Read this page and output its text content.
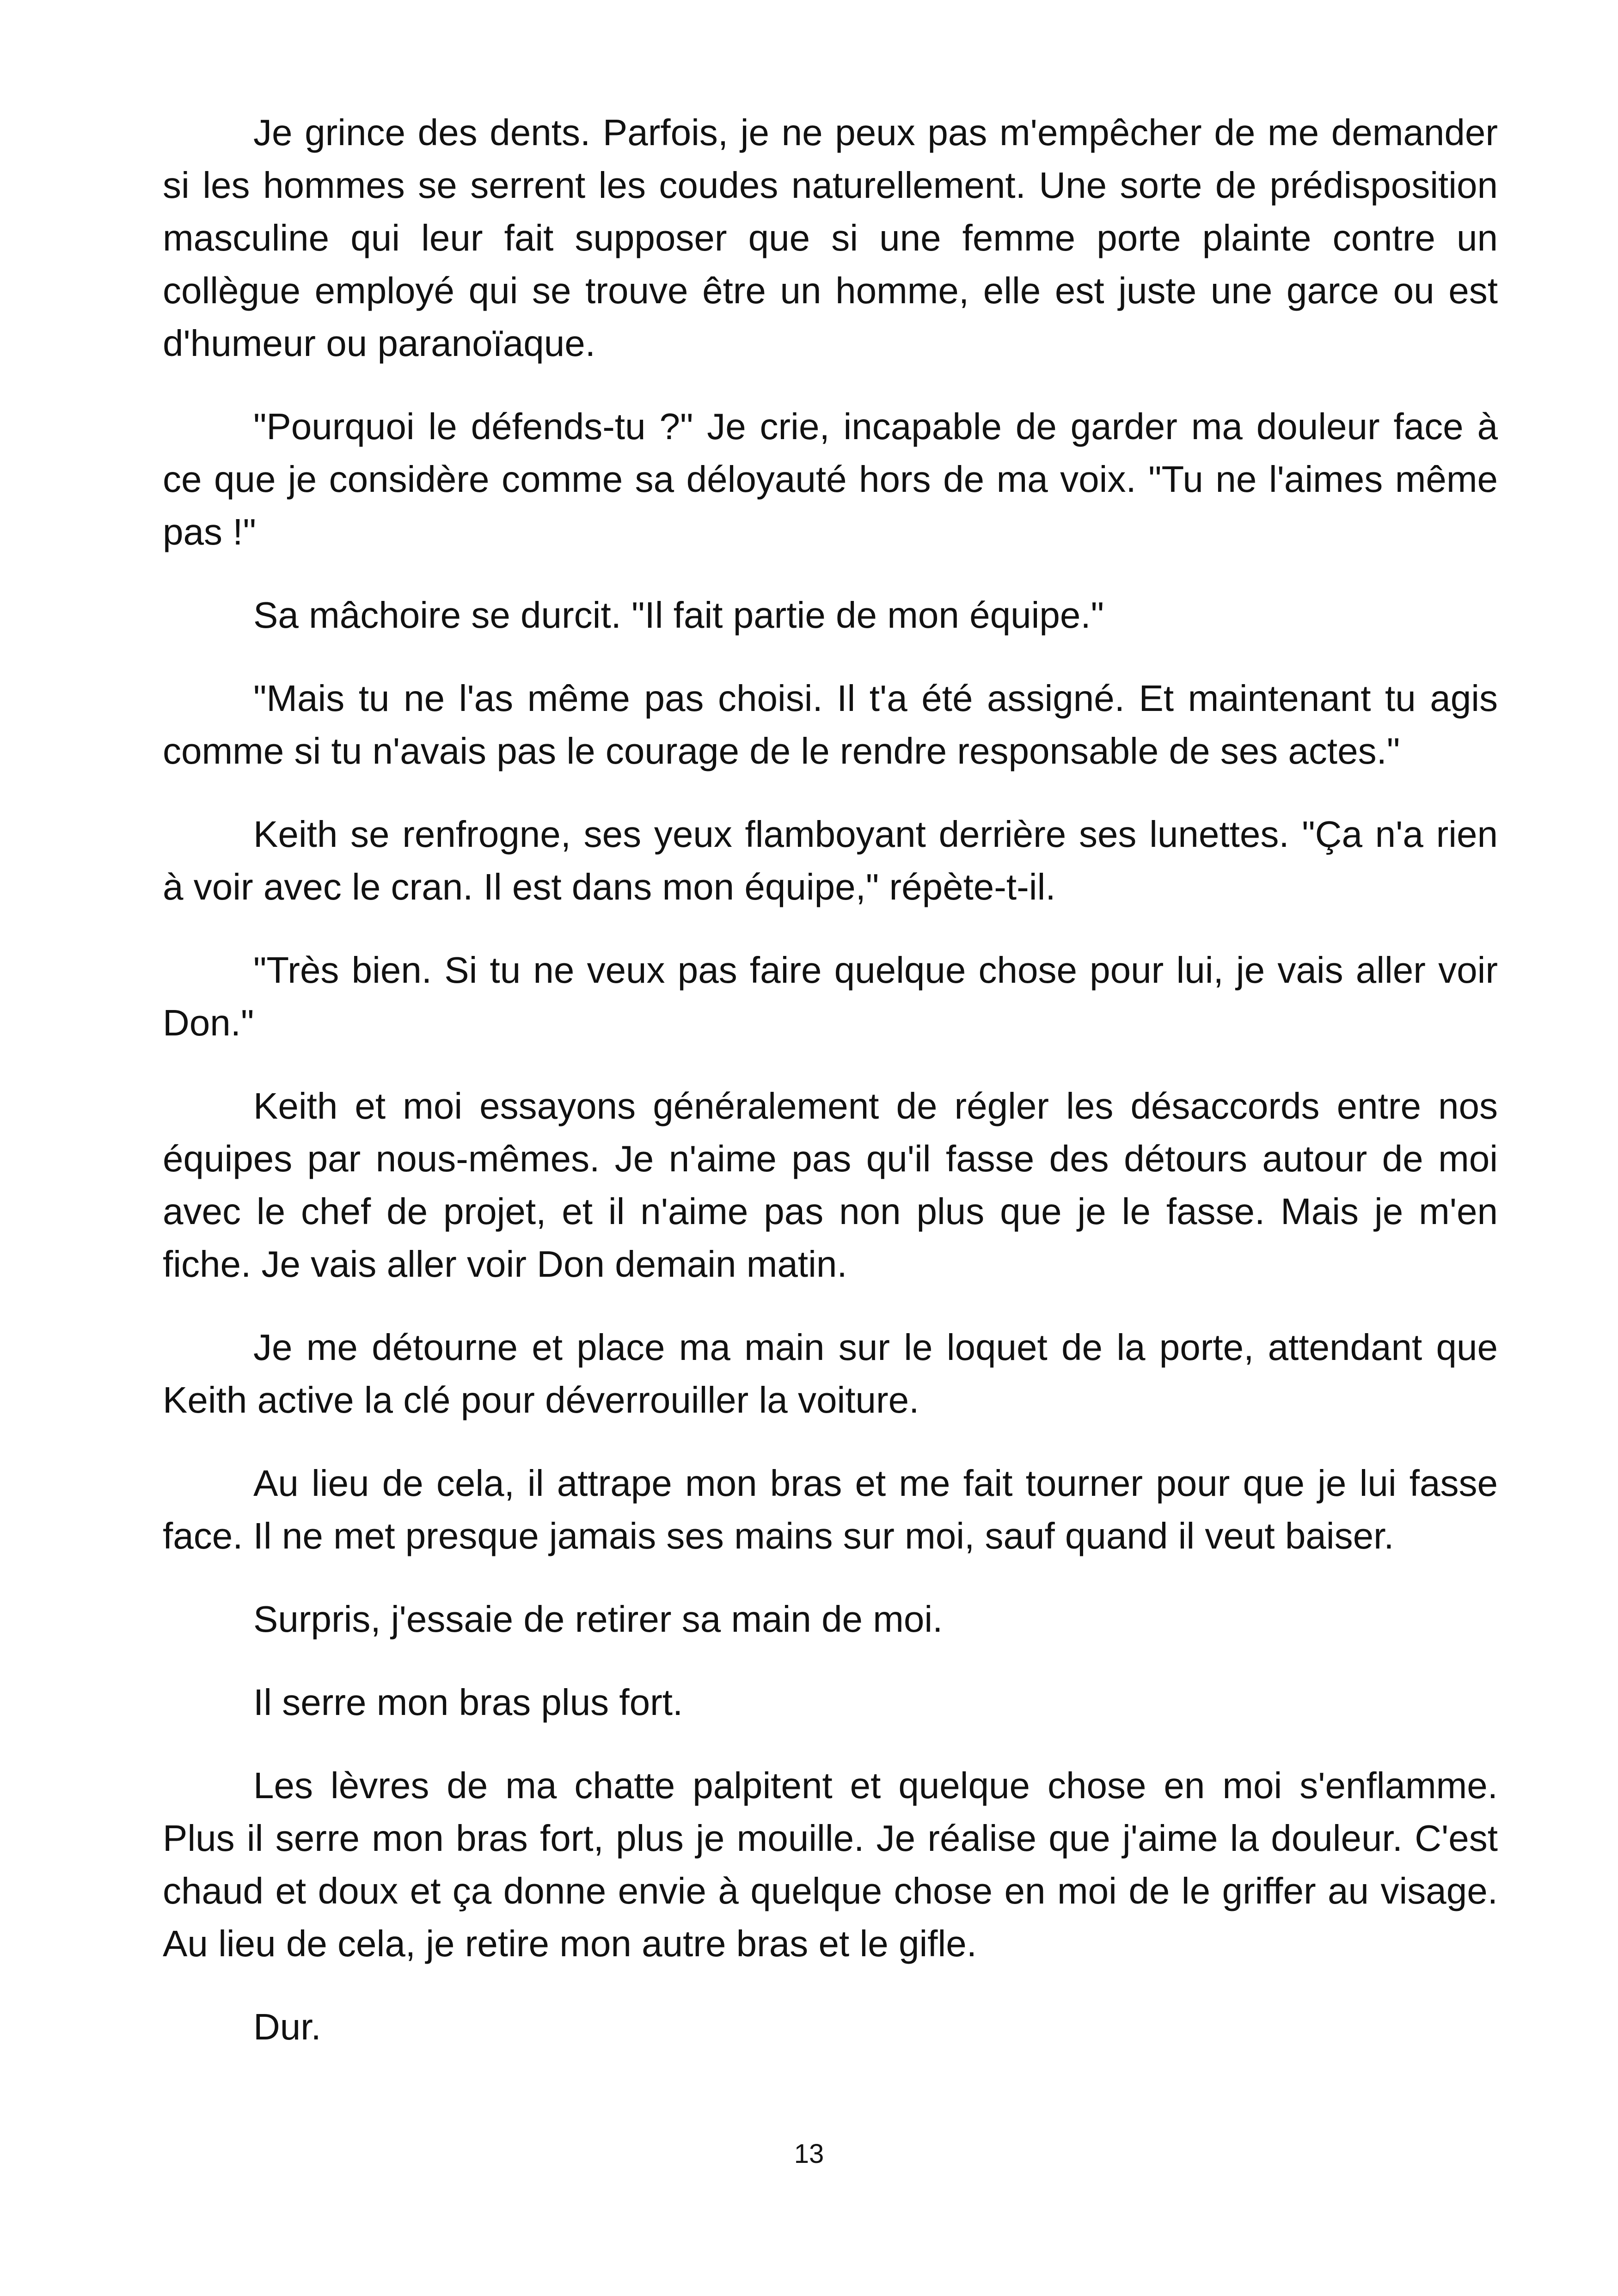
Je grince des dents. Parfois, je ne peux pas m'empêcher de me demander si les hommes se serrent les coudes naturellement. Une sorte de prédisposition masculine qui leur fait supposer que si une femme porte plainte contre un collègue employé qui se trouve être un homme, elle est juste une garce ou est d'humeur ou paranoïaque.

"Pourquoi le défends-tu ?" Je crie, incapable de garder ma douleur face à ce que je considère comme sa déloyauté hors de ma voix. "Tu ne l'aimes même pas !"

Sa mâchoire se durcit. "Il fait partie de mon équipe."

"Mais tu ne l'as même pas choisi. Il t'a été assigné. Et maintenant tu agis comme si tu n'avais pas le courage de le rendre responsable de ses actes."

Keith se renfrogne, ses yeux flamboyant derrière ses lunettes. "Ça n'a rien à voir avec le cran. Il est dans mon équipe," répète-t-il.

"Très bien. Si tu ne veux pas faire quelque chose pour lui, je vais aller voir Don."

Keith et moi essayons généralement de régler les désaccords entre nos équipes par nous-mêmes. Je n'aime pas qu'il fasse des détours autour de moi avec le chef de projet, et il n'aime pas non plus que je le fasse. Mais je m'en fiche. Je vais aller voir Don demain matin.

Je me détourne et place ma main sur le loquet de la porte, attendant que Keith active la clé pour déverrouiller la voiture.

Au lieu de cela, il attrape mon bras et me fait tourner pour que je lui fasse face. Il ne met presque jamais ses mains sur moi, sauf quand il veut baiser.

Surpris, j'essaie de retirer sa main de moi.

Il serre mon bras plus fort.

Les lèvres de ma chatte palpitent et quelque chose en moi s'enflamme. Plus il serre mon bras fort, plus je mouille. Je réalise que j'aime la douleur. C'est chaud et doux et ça donne envie à quelque chose en moi de le griffer au visage. Au lieu de cela, je retire mon autre bras et le gifle.

Dur.

13
